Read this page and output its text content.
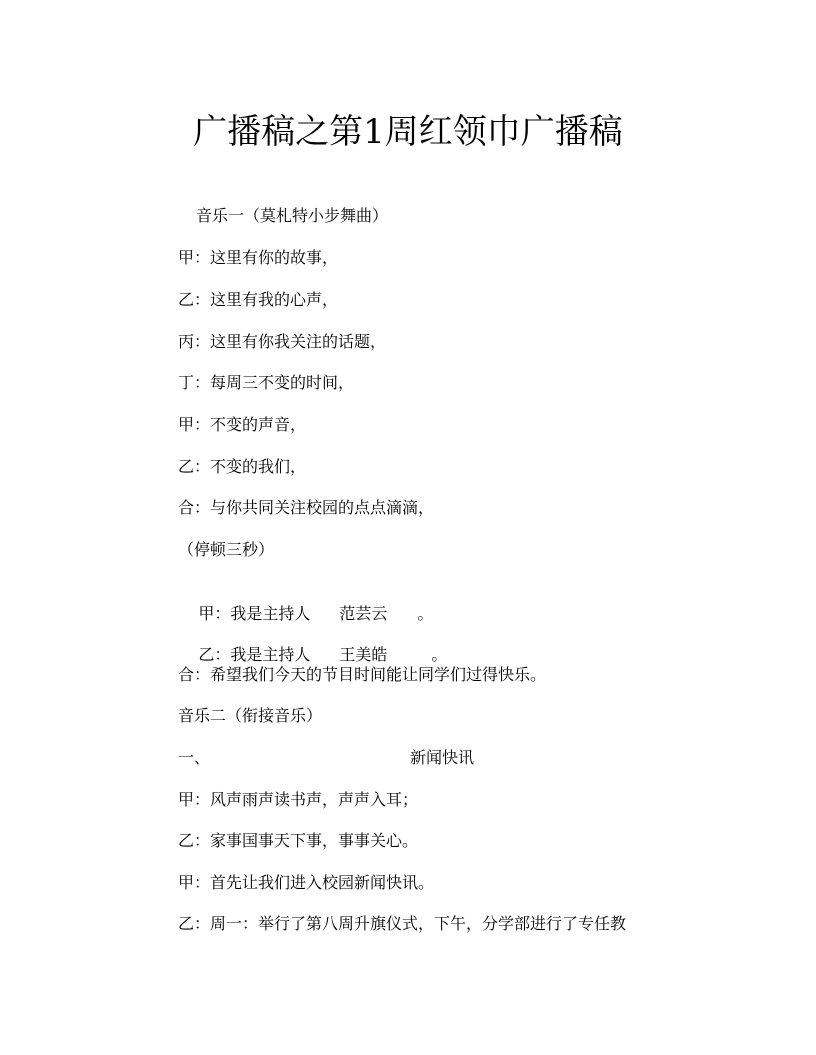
广播稿之第1周红领巾广播稿
音乐一（莫札特小步舞曲）
甲：这里有你的故事，
乙：这里有我的心声，
丙：这里有你我关注的话题，
丁：每周三不变的时间，
甲：不变的声音，
乙：不变的我们，
合：与你共同关注校园的点点滴滴，
（停顿三秒）

甲：我是主持人 范芸云 。

乙：我是主持人 王美皓	。

合：希望我们今天的节目时间能让同学们过得快乐。
音乐二（衔接音乐）
一、	新闻快讯
甲：风声雨声读书声，声声入耳；
乙：家事国事天下事，事事关心。
甲：首先让我们进入校园新闻快讯。
乙：周一：举行了第八周升旗仪式，下午，分学部进行了专任教
